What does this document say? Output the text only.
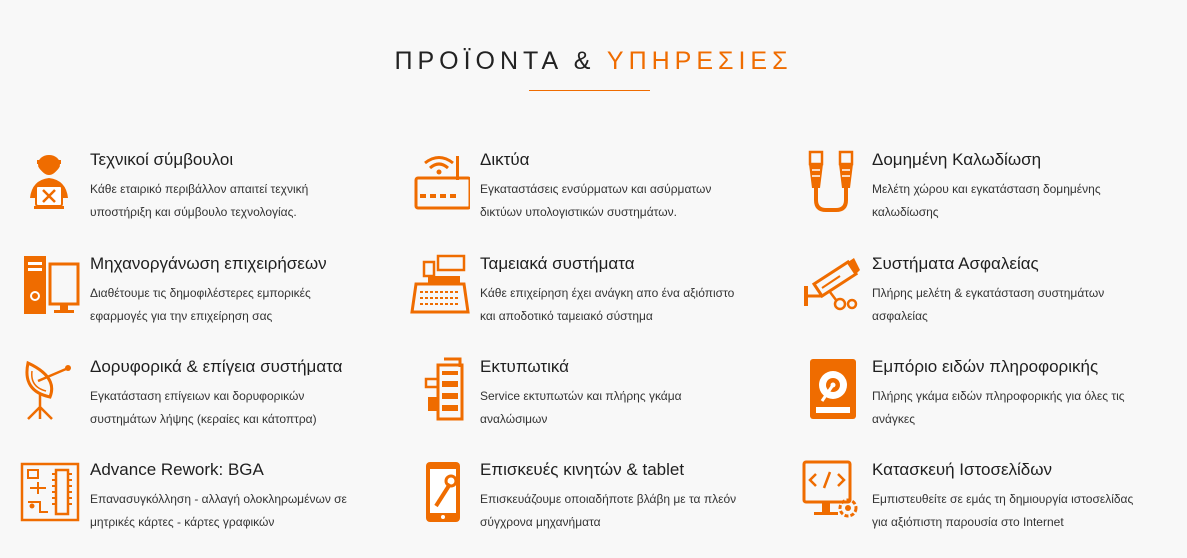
ΠΡΟΪΟΝΤΑ & ΥΠΗΡΕΣΙΕΣ
Τεχνικοί σύμβουλοι
Κάθε εταιρικό περιβάλλον απαιτεί τεχνική
υποστήριξη και σύμβουλο τεχνολογίας.
Δικτύα
Εγκαταστάσεις ενσύρματων και ασύρματων
δικτύων υπολογιστικών συστημάτων.
Δομημένη Καλωδίωση
Μελέτη χώρου και εγκατάσταση δομημένης
καλωδίωσης
Μηχανοργάνωση επιχειρήσεων
Διαθέτουμε τις δημοφιλέστερες εμπορικές
εφαρμογές για την επιχείρηση σας
Ταμειακά συστήματα
Κάθε επιχείρηση έχει ανάγκη απο ένα αξιόπιστο
και αποδοτικό ταμειακό σύστημα
Συστήματα Ασφαλείας
Πλήρης μελέτη & εγκατάσταση συστημάτων
ασφαλείας
Δορυφορικά & επίγεια συστήματα
Εγκατάσταση επίγειων και δορυφορικών
συστημάτων λήψης (κεραίες και κάτοπτρα)
Εκτυπωτικά
Service εκτυπωτών και πλήρης γκάμα
αναλώσιμων
Εμπόριο ειδών πληροφορικής
Πλήρης γκάμα ειδών πληροφορικής για όλες τις
ανάγκες
Advance Rework: BGA
Επανασυγκόλληση - αλλαγή ολοκληρωμένων σε
μητρικές κάρτες - κάρτες γραφικών
Επισκευές κινητών & tablet
Επισκευάζουμε οποιαδήποτε βλάβη με τα πλεόν
σύγχρονα μηχανήματα
Κατασκευή Ιστοσελίδων
Εμπιστευθείτε σε εμάς τη δημιουργία ιστοσελίδας
για αξιόπιστη παρουσία στο Internet
